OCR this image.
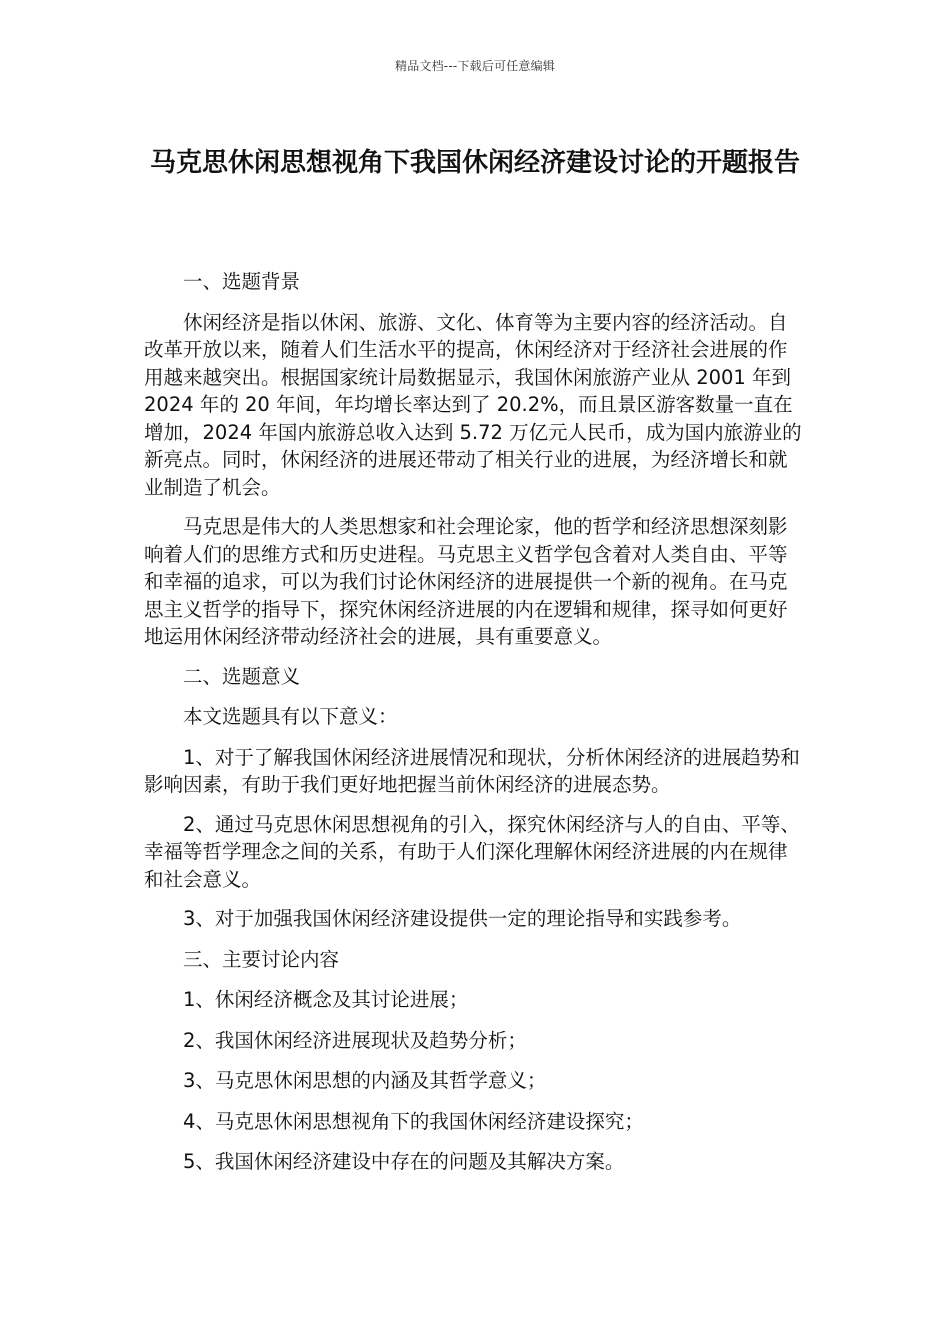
精品文档---下载后可任意编辑
马克思休闲思想视角下我国休闲经济建设讨论的开题报告

一、选题背景

休闲经济是指以休闲、旅游、文化、体育等为主要内容的经济活动。自改革开放以来，随着人们生活水平的提高，休闲经济对于经济社会进展的作用越来越突出。根据国家统计局数据显示，我国休闲旅游产业从 2001 年到 2024 年的 20 年间，年均增长率达到了 20.2%，而且景区游客数量一直在增加，2024 年国内旅游总收入达到 5.72 万亿元人民币，成为国内旅游业的新亮点。同时，休闲经济的进展还带动了相关行业的进展，为经济增长和就业制造了机会。

马克思是伟大的人类思想家和社会理论家，他的哲学和经济思想深刻影响着人们的思维方式和历史进程。马克思主义哲学包含着对人类自由、平等和幸福的追求，可以为我们讨论休闲经济的进展提供一个新的视角。在马克思主义哲学的指导下，探究休闲经济进展的内在逻辑和规律，探寻如何更好地运用休闲经济带动经济社会的进展，具有重要意义。

二、选题意义

本文选题具有以下意义：

1、对于了解我国休闲经济进展情况和现状，分析休闲经济的进展趋势和影响因素，有助于我们更好地把握当前休闲经济的进展态势。

2、通过马克思休闲思想视角的引入，探究休闲经济与人的自由、平等、幸福等哲学理念之间的关系，有助于人们深化理解休闲经济进展的内在规律和社会意义。

3、对于加强我国休闲经济建设提供一定的理论指导和实践参考。

三、主要讨论内容

1、休闲经济概念及其讨论进展；

2、我国休闲经济进展现状及趋势分析；

3、马克思休闲思想的内涵及其哲学意义；

4、马克思休闲思想视角下的我国休闲经济建设探究；

5、我国休闲经济建设中存在的问题及其解决方案。
